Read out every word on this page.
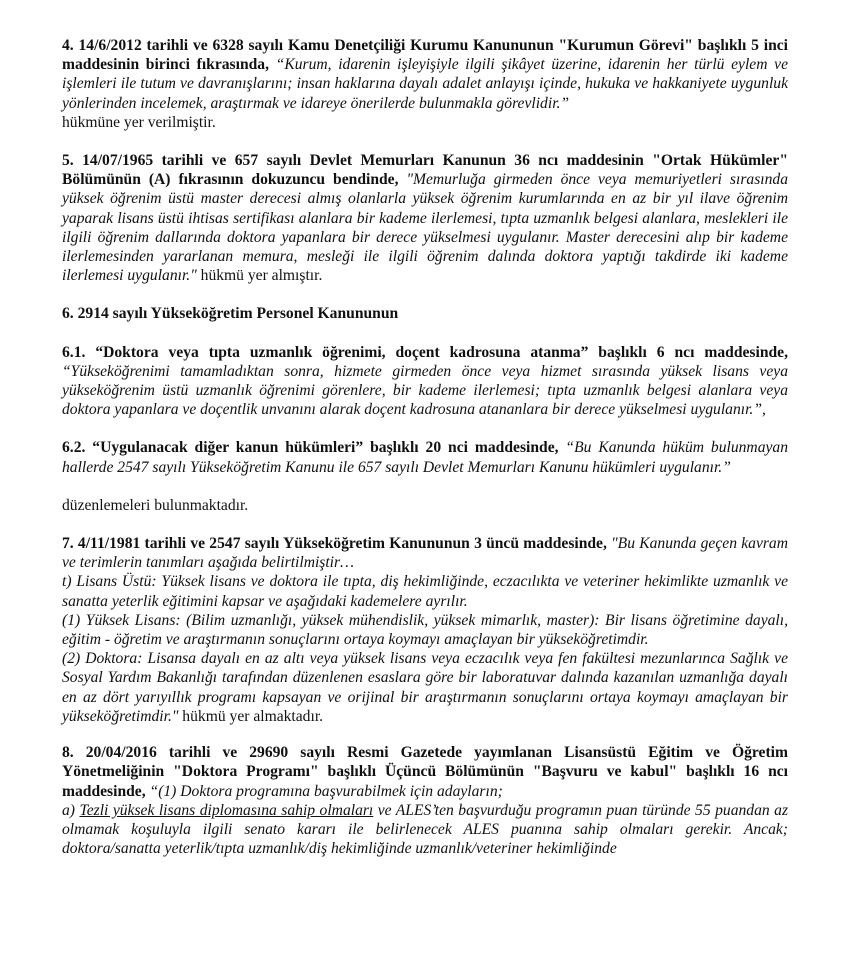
4. 14/6/2012 tarihli ve 6328 sayılı Kamu Denetçiliği Kurumu Kanununun "Kurumun Görevi" başlıklı 5 inci maddesinin birinci fıkrasında, “Kurum, idarenin işleyişiyle ilgili şikâyet üzerine, idarenin her türlü eylem ve işlemleri ile tutum ve davranışlarını; insan haklarına dayalı adalet anlayışı içinde, hukuka ve hakkaniyete uygunluk yönlerinden incelemek, araştırmak ve idareye önerilerde bulunmakla görevlidir.”
hükmüne yer verilmiştir.

5. 14/07/1965 tarihli ve 657 sayılı Devlet Memurları Kanunun 36 ncı maddesinin "Ortak Hükümler" Bölümünün (A) fıkrasının dokuzuncu bendinde, "Memurluğa girmeden önce veya memuriyetleri sırasında yüksek öğrenim üstü master derecesi almış olanlarla yüksek öğrenim kurumlarında en az bir yıl ilave öğrenim yaparak lisans üstü ihtisas sertifikası alanlara bir kademe ilerlemesi, tıpta uzmanlık belgesi alanlara, meslekleri ile ilgili öğrenim dallarında doktora yapanlara bir derece yükselmesi uygulanır. Master derecesini alıp bir kademe ilerlemesinden yararlanan memura, mesleği ile ilgili öğrenim dalında doktora yaptığı takdirde iki kademe ilerlemesi uygulanır." hükmü yer almıştır.

6. 2914 sayılı Yükseköğretim Personel Kanununun

6.1. “Doktora veya tıpta uzmanlık öğrenimi, doçent kadrosuna atanma” başlıklı 6 ncı maddesinde, “Yükseköğrenimi tamamladıktan sonra, hizmete girmeden önce veya hizmet sırasında yüksek lisans veya yükseköğrenim üstü uzmanlık öğrenimi görenlere, bir kademe ilerlemesi; tıpta uzmanlık belgesi alanlara veya doktora yapanlara ve doçentlik unvanını alarak doçent kadrosuna atananlara bir derece yükselmesi uygulanır.”,

6.2. “Uygulanacak diğer kanun hükümleri” başlıklı 20 nci maddesinde, “Bu Kanunda hüküm bulunmayan hallerde 2547 sayılı Yükseköğretim Kanunu ile 657 sayılı Devlet Memurları Kanunu hükümleri uygulanır.”

düzenlemeleri bulunmaktadır.

7. 4/11/1981 tarihli ve 2547 sayılı Yükseköğretim Kanununun 3 üncü maddesinde, "Bu Kanunda geçen kavram ve terimlerin tanımları aşağıda belirtilmiştir…
t) Lisans Üstü: Yüksek lisans ve doktora ile tıpta, diş hekimliğinde, eczacılıkta ve veteriner hekimlikte uzmanlık ve sanatta yeterlik eğitimini kapsar ve aşağıdaki kademelere ayrılır.
(1) Yüksek Lisans: (Bilim uzmanlığı, yüksek mühendislik, yüksek mimarlık, master): Bir lisans öğretimine dayalı, eğitim - öğretim ve araştırmanın sonuçlarını ortaya koymayı amaçlayan bir yükseköğretimdir.
(2) Doktora: Lisansa dayalı en az altı veya yüksek lisans veya eczacılık veya fen fakültesi mezunlarınca Sağlık ve Sosyal Yardım Bakanlığı tarafından düzenlenen esaslara göre bir laboratuvar dalında kazanılan uzmanlığa dayalı en az dört yarıyıllık programı kapsayan ve orijinal bir araştırmanın sonuçlarını ortaya koymayı amaçlayan bir yükseköğretimdir." hükmü yer almaktadır.

8. 20/04/2016 tarihli ve 29690 sayılı Resmi Gazetede yayımlanan Lisansüstü Eğitim ve Öğretim Yönetmeliğinin "Doktora Programı" başlıklı Üçüncü Bölümünün "Başvuru ve kabul" başlıklı 16 ncı maddesinde, “(1) Doktora programına başvurabilmek için adayların;
a) Tezli yüksek lisans diplomasına sahip olmaları ve ALES’ten başvurduğu programın puan türünde 55 puandan az olmamak koşuluyla ilgili senato kararı ile belirlenecek ALES puanına sahip olmaları gerekir. Ancak; doktora/sanatta yeterlik/tıpta uzmanlık/diş hekimliğinde uzmanlık/veteriner hekimliğinde
